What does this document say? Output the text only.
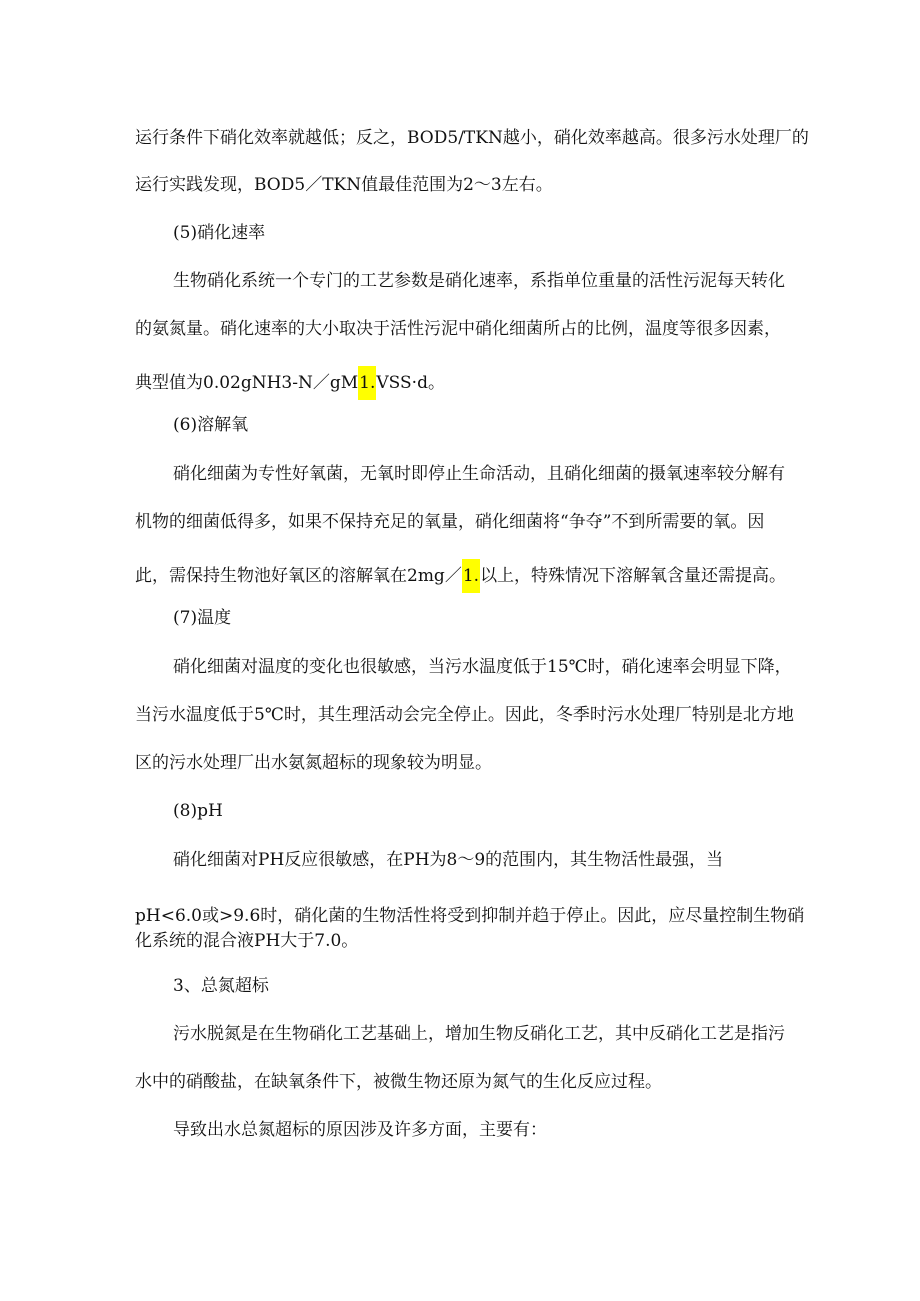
运行条件下硝化效率就越低；反之，BOD5/TKN越小，硝化效率越高。很多污水处理厂的
运行实践发现，BOD5／TKN值最佳范围为2～3左右。
(5)硝化速率
生物硝化系统一个专门的工艺参数是硝化速率，系指单位重量的活性污泥每天转化
的氨氮量。硝化速率的大小取决于活性污泥中硝化细菌所占的比例，温度等很多因素，
典型值为0.02gNH3-N／gM1.VSS·d。
(6)溶解氧
硝化细菌为专性好氧菌，无氧时即停止生命活动，且硝化细菌的摄氧速率较分解有
机物的细菌低得多，如果不保持充足的氧量，硝化细菌将“争夺”不到所需要的氧。因
此，需保持生物池好氧区的溶解氧在2mg／1.以上，特殊情况下溶解氧含量还需提高。
(7)温度
硝化细菌对温度的变化也很敏感，当污水温度低于15℃时，硝化速率会明显下降，
当污水温度低于5℃时，其生理活动会完全停止。因此，冬季时污水处理厂特别是北方地
区的污水处理厂出水氨氮超标的现象较为明显。
(8)pH
硝化细菌对PH反应很敏感，在PH为8～9的范围内，其生物活性最强，当
pH<6.0或>9.6时，硝化菌的生物活性将受到抑制并趋于停止。因此，应尽量控制生物硝
化系统的混合液PH大于7.0。
3、总氮超标
污水脱氮是在生物硝化工艺基础上，增加生物反硝化工艺，其中反硝化工艺是指污
水中的硝酸盐，在缺氧条件下，被微生物还原为氮气的生化反应过程。
导致出水总氮超标的原因涉及许多方面，主要有：
